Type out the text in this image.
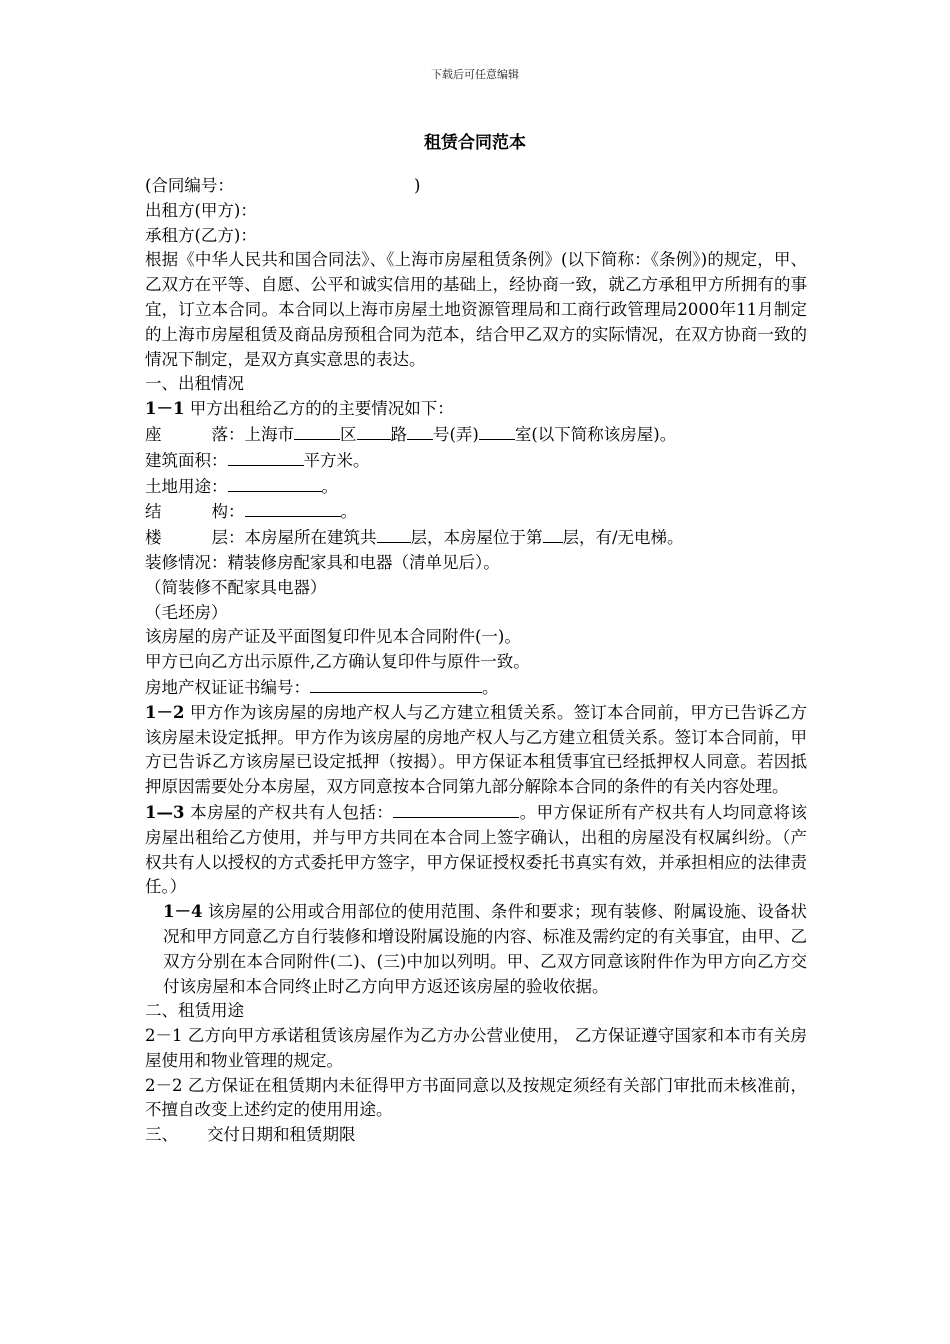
下载后可任意编辑
租赁合同范本

(合同编号：	)

出租方(甲方)：

承租方(乙方)：

根据《中华人民共和国合同法》、《上海市房屋租赁条例》(以下简称：《条例》)的规定，甲、乙双方在平等、自愿、公平和诚实信用的基础上，经协商一致，就乙方承租甲方所拥有的事宜，订立本合同。本合同以上海市房屋土地资源管理局和工商行政管理局2000年11月制定的上海市房屋租赁及商品房预租合同为范本，结合甲乙双方的实际情况，在双方协商一致的情况下制定，是双方真实意思的表达。

一、出租情况

1－1 甲方出租给乙方的的主要情况如下：

座	落：上海市	区 路 号(弄) 室(以下简称该房屋)。

建筑面积：	平方米。

土地用途：	。

结	构：	。

楼	层：本房屋所在建筑共 层，本房屋位于第 层，有/无电梯。

装修情况：精装修房配家具和电器（清单见后）。

（简装修不配家具电器）

（毛坯房）

该房屋的房产证及平面图复印件见本合同附件(一)。

甲方已向乙方出示原件,乙方确认复印件与原件一致。

房地产权证证书编号：	。

1－2 甲方作为该房屋的房地产权人与乙方建立租赁关系。签订本合同前，甲方已告诉乙方该房屋未设定抵押。甲方作为该房屋的房地产权人与乙方建立租赁关系。签订本合同前，甲方已告诉乙方该房屋已设定抵押（按揭）。甲方保证本租赁事宜已经抵押权人同意。若因抵押原因需要处分本房屋，双方同意按本合同第九部分解除本合同的条件的有关内容处理。

1—3 本房屋的产权共有人包括：	。甲方保证所有产权共有人均同意将该房屋出租给乙方使用，并与甲方共同在本合同上签字确认，出租的房屋没有权属纠纷。（产权共有人以授权的方式委托甲方签字，甲方保证授权委托书真实有效，并承担相应的法律责任。）

1－4 该房屋的公用或合用部位的使用范围、条件和要求；现有装修、附属设施、设备状况和甲方同意乙方自行装修和增设附属设施的内容、标准及需约定的有关事宜，由甲、乙双方分别在本合同附件(二)、(三)中加以列明。甲、乙双方同意该附件作为甲方向乙方交付该房屋和本合同终止时乙方向甲方返还该房屋的验收依据。

二、租赁用途

2－1 乙方向甲方承诺租赁该房屋作为乙方办公营业使用， 乙方保证遵守国家和本市有关房屋使用和物业管理的规定。

2－2 乙方保证在租赁期内未征得甲方书面同意以及按规定须经有关部门审批而未核准前，不擅自改变上述约定的使用用途。

三、 交付日期和租赁期限
